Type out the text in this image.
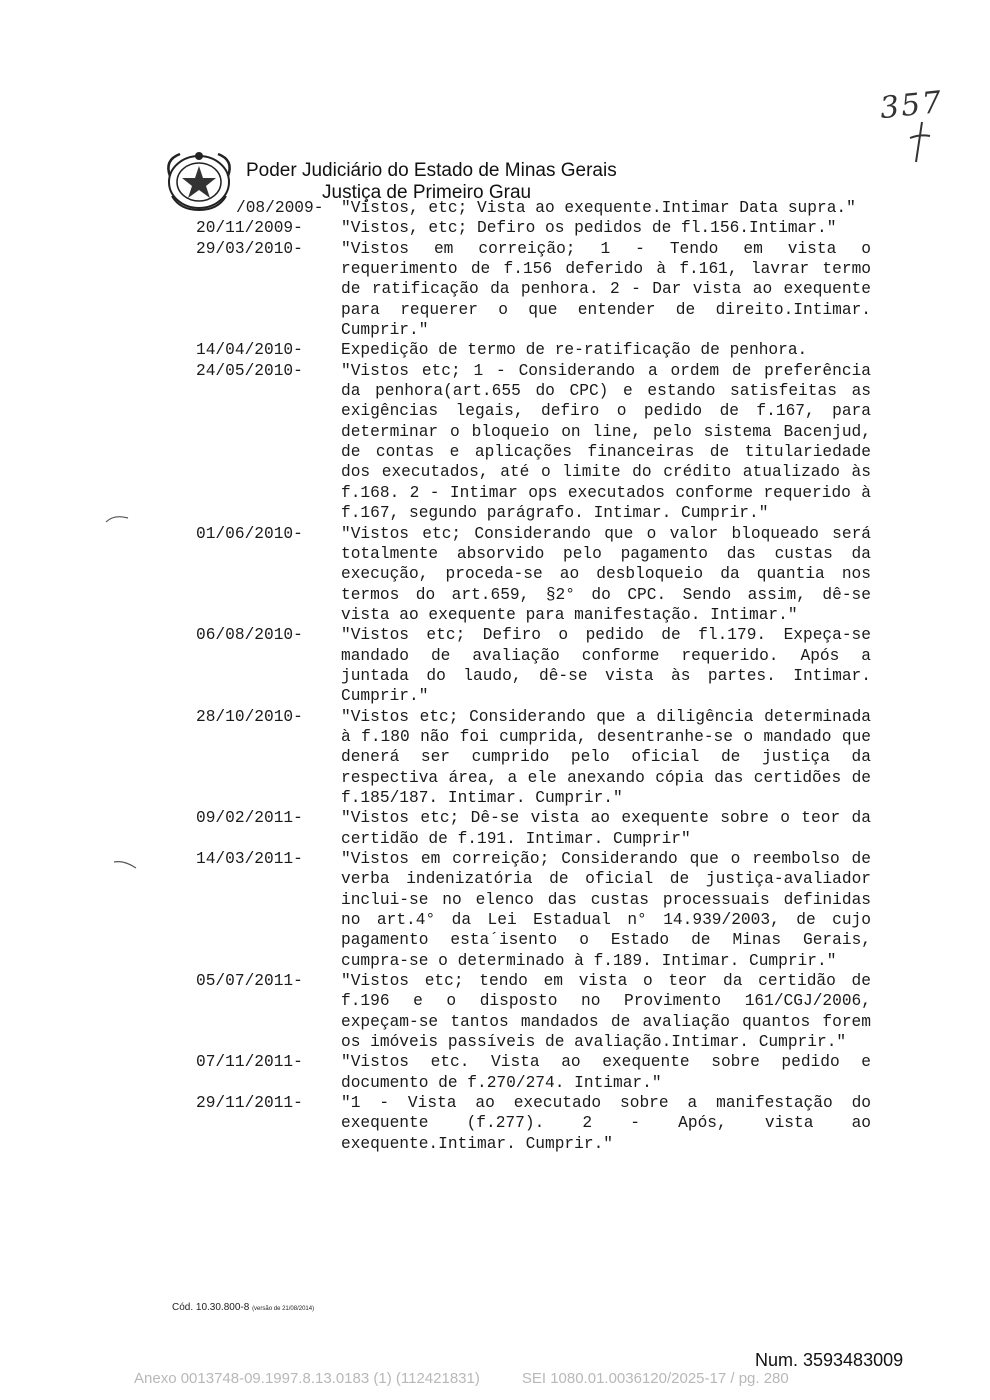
357
Poder Judiciário do Estado de Minas Gerais
Justiça de Primeiro Grau
/08/2009-	"Vistos, etc; Vista ao exequente.Intimar Data supra."
20/11/2009-	"Vistos, etc; Defiro os pedidos de fl.156.Intimar."
29/03/2010-	"Vistos em correição; 1 - Tendo em vista o requerimento de f.156 deferido à f.161, lavrar termo de ratificação da penhora. 2 - Dar vista ao exequente para requerer o que entender de direito.Intimar. Cumprir."
14/04/2010-	Expedição de termo de re-ratificação de penhora.
24/05/2010-	"Vistos etc; 1 - Considerando a ordem de preferência da penhora(art.655 do CPC) e estando satisfeitas as exigências legais, defiro o pedido de f.167, para determinar o bloqueio on line, pelo sistema Bacenjud, de contas e aplicações financeiras de titulariedade dos executados, até o limite do crédito atualizado às f.168. 2 - Intimar ops executados conforme requerido à f.167, segundo parágrafo. Intimar. Cumprir."
01/06/2010-	"Vistos etc; Considerando que o valor bloqueado será totalmente absorvido pelo pagamento das custas da execução, proceda-se ao desbloqueio da quantia nos termos do art.659, §2° do CPC. Sendo assim, dê-se vista ao exequente para manifestação. Intimar."
06/08/2010-	"Vistos etc; Defiro o pedido de fl.179. Expeça-se mandado de avaliação conforme requerido. Após a juntada do laudo, dê-se vista às partes. Intimar. Cumprir."
28/10/2010-	"Vistos etc; Considerando que a diligência determinada à f.180 não foi cumprida, desentranhe-se o mandado que denerá ser cumprido pelo oficial de justiça da respectiva área, a ele anexando cópia das certidões de f.185/187. Intimar. Cumprir."
09/02/2011-	"Vistos etc; Dê-se vista ao exequente sobre o teor da certidão de f.191. Intimar. Cumprir"
14/03/2011-	"Vistos em correição; Considerando que o reembolso de verba indenizatória de oficial de justiça-avaliador inclui-se no elenco das custas processuais definidas no art.4° da Lei Estadual n° 14.939/2003, de cujo pagamento esta´isento o Estado de Minas Gerais, cumpra-se o determinado à f.189. Intimar. Cumprir."
05/07/2011-	"Vistos etc; tendo em vista o teor da certidão de f.196 e o disposto no Provimento 161/CGJ/2006, expeçam-se tantos mandados de avaliação quantos forem os imóveis passíveis de avaliação.Intimar. Cumprir."
07/11/2011-	"Vistos etc. Vista ao exequente sobre pedido e documento de f.270/274. Intimar."
29/11/2011-	"1 - Vista ao executado sobre a manifestação do exequente (f.277). 2 - Após, vista ao exequente.Intimar. Cumprir."
Cód. 10.30.800-8 (versão de 21/08/2014)
Num. 3593483009
Anexo 0013748-09.1997.8.13.0183 (1) (112421831)	SEI 1080.01.0036120/2025-17 / pg. 280
